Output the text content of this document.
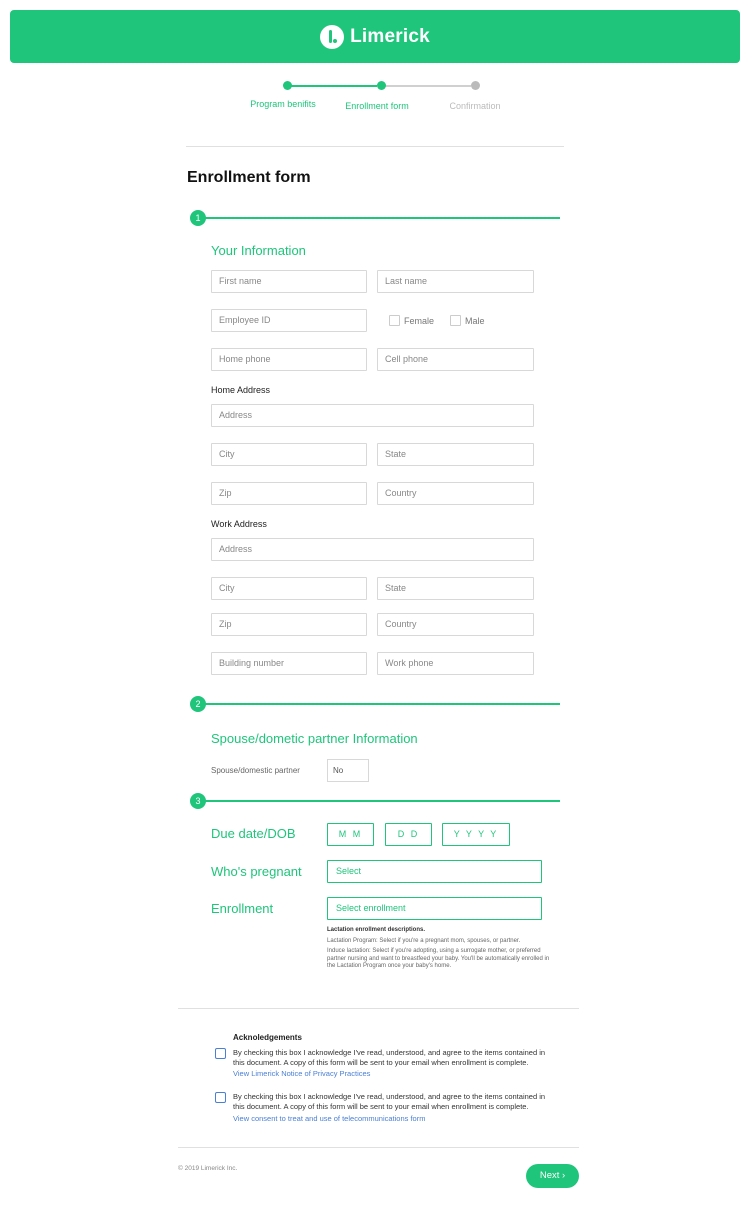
Limerick
Program benifits	Enrollment form	Confirmation
Enrollment form
1
Your Information
First name	Last name
Employee ID	Female	Male
Home phone	Cell phone
Home Address
Address
City	State
Zip	Country
Work Address
Address
City	State
Zip	Country
Building number	Work phone
2
Spouse/dometic partner Information
Spouse/domestic partner	No
3
Due date/DOB	M M	D D	Y Y Y Y
Who's pregnant	Select
Enrollment	Select enrollment
Lactation enrollment descriptions.
Lactation Program: Select if you're a pregnant mom, spouses, or partner.
Induce lactation: Select if you're adopting, using a surrogate mother, or preferred partner nursing and want to breastfeed your baby. You'll be automatically enrolled in the Lactation Program once your baby's home.
Acknoledgements
By checking this box I acknowledge I've read, understood, and agree to the items contained in this document. A copy of this form will be sent to your email when enrollment is complete.
View Limerick Notice of Privacy Practices
By checking this box I acknowledge I've read, understood, and agree to the items contained in this document. A copy of this form will be sent to your email when enrollment is complete.
View consent to treat and use of telecommunications form
© 2019 Limerick Inc.
Next ›
